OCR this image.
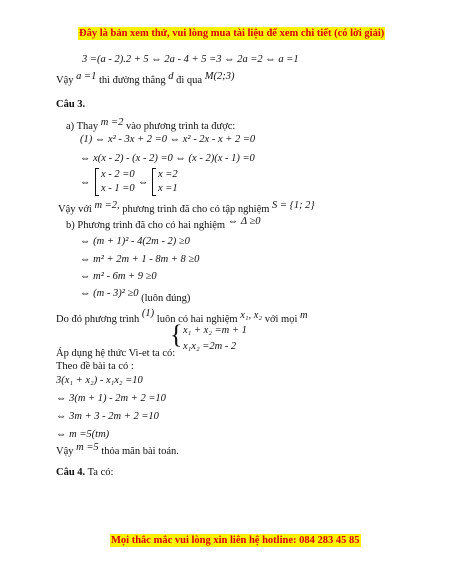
Đây là bản xem thử, vui lòng mua tài liệu để xem chi tiết (có lời giải)
3 =(a - 2).2 + 5 ⇔ 2a - 4 + 5 =3 ⇔ 2a =2 ⇔ a =1
Vậy a =1 thì đường thẳng d đi qua M(2;3)
Câu 3.
a) Thay m =2 vào phương trình ta được:
(1) ⇔ x² - 3x + 2 =0 ⇔ x² - 2x - x + 2 =0
⇔ x(x - 2) - (x - 2) =0 ⇔ (x - 2)(x - 1) =0
⇔
x - 2 =0
x - 1 =0
⇔
x =2
x =1
Vậy với m =2, phương trình đã cho có tập nghiệm S = {1; 2}
b) Phương trình đã cho có hai nghiệm ⇔ Δ ≥0
⇔ (m + 1)² - 4(2m - 2) ≥0
⇔ m² + 2m + 1 - 8m + 8 ≥0
⇔ m² - 6m + 9 ≥0
⇔ (m - 3)² ≥0 (luôn đúng)
Do đó phương trình (1) luôn có hai nghiệm x₁, x₂ với mọi m
{ x₁ + x₂ =m + 1
x₁x₂ =2m - 2
Áp dụng hệ thức Vi-et ta có:
Theo đề bài ta có :
3(x₁ + x₂) - x₁x₂ =10
⇔ 3(m + 1) - 2m + 2 =10
⇔ 3m + 3 - 2m + 2 =10
⇔ m =5(tm)
Vậy m =5 thỏa mãn bài toán.
Câu 4. Ta có:
Mọi thắc mắc vui lòng xin liên hệ hotline: 084 283 45 85
